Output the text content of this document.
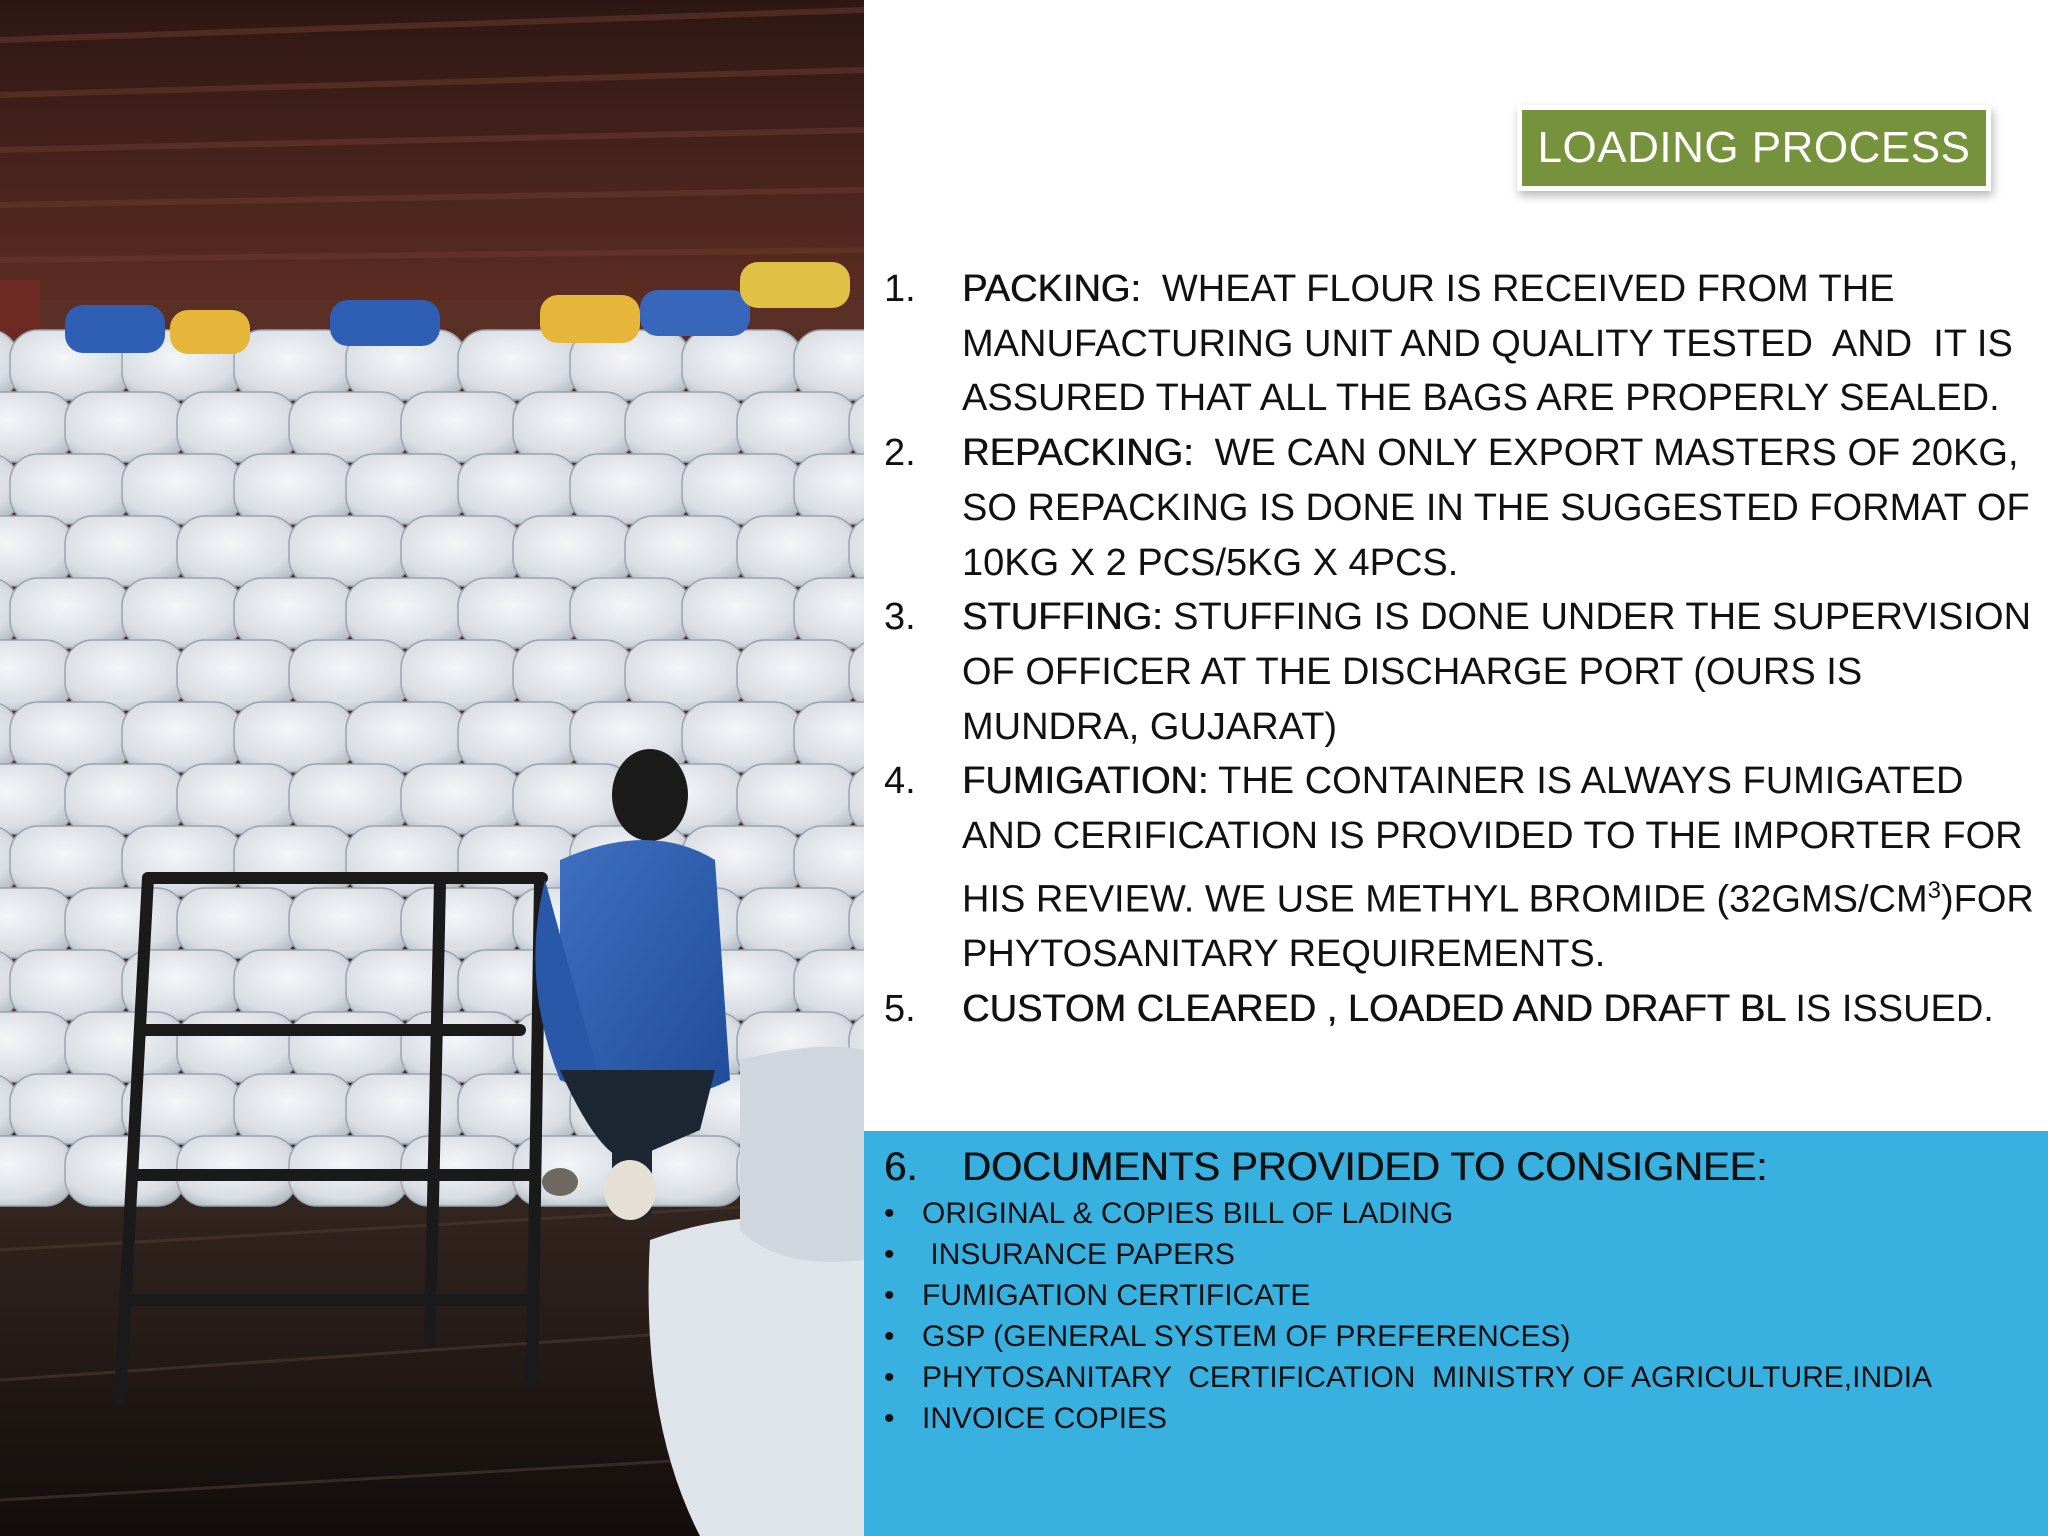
LOADING PROCESS
1. PACKING:  WHEAT FLOUR IS RECEIVED FROM THE MANUFACTURING UNIT AND QUALITY TESTED  AND  IT IS ASSURED THAT ALL THE BAGS ARE PROPERLY SEALED.
2. REPACKING:  WE CAN ONLY EXPORT MASTERS OF 20KG, SO REPACKING IS DONE IN THE SUGGESTED FORMAT OF 10KG X 2 PCS/5KG X 4PCS.
3. STUFFING: STUFFING IS DONE UNDER THE SUPERVISION OF OFFICER AT THE DISCHARGE PORT (OURS IS MUNDRA, GUJARAT)
4. FUMIGATION: THE CONTAINER IS ALWAYS FUMIGATED AND CERIFICATION IS PROVIDED TO THE IMPORTER FOR HIS REVIEW. WE USE METHYL BROMIDE $(32GMS/CM^3)FOR$ PHYTOSANITARY REQUIREMENTS.
5. CUSTOM CLEARED , LOADED AND DRAFT BL IS ISSUED.
6. DOCUMENTS PROVIDED TO CONSIGNEE:
• ORIGINAL & COPIES BILL OF LADING
• INSURANCE PAPERS
• FUMIGATION CERTIFICATE
• GSP (GENERAL SYSTEM OF PREFERENCES)
• PHYTOSANITARY  CERTIFICATION  MINISTRY OF AGRICULTURE,INDIA
• INVOICE COPIES
